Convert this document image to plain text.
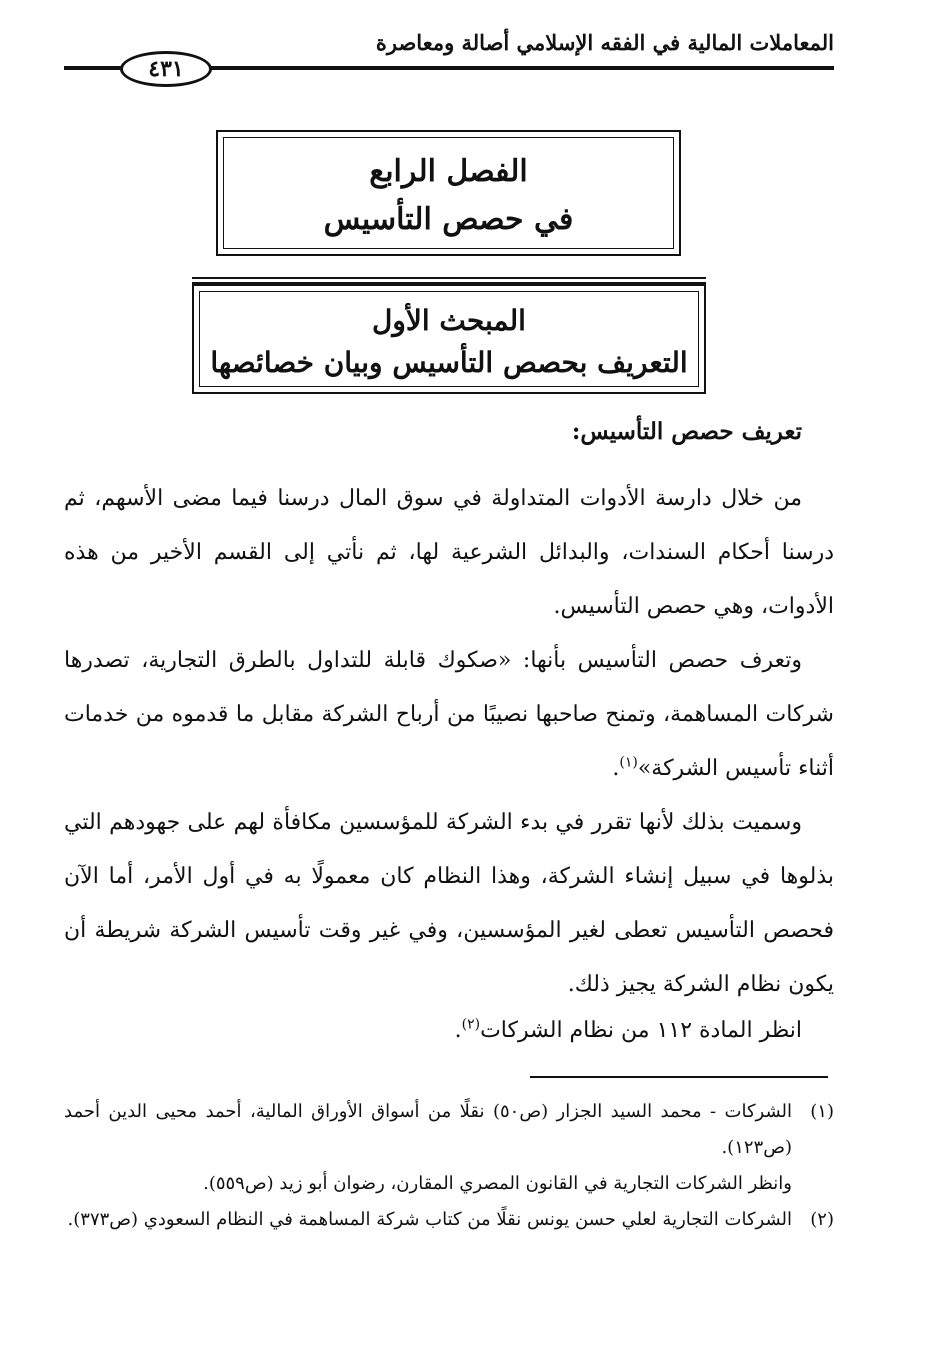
المعاملات المالية في الفقه الإسلامي أصالة ومعاصرة
٤٣١
الفصل الرابع
في حصص التأسيس
المبحث الأول
التعريف بحصص التأسيس وبيان خصائصها
تعريف حصص التأسيس:
من خلال دارسة الأدوات المتداولة في سوق المال درسنا فيما مضى الأسهم، ثم درسنا أحكام السندات، والبدائل الشرعية لها، ثم نأتي إلى القسم الأخير من هذه الأدوات، وهي حصص التأسيس.
وتعرف حصص التأسيس بأنها: «صكوك قابلة للتداول بالطرق التجارية، تصدرها شركات المساهمة، وتمنح صاحبها نصيبًا من أرباح الشركة مقابل ما قدموه من خدمات أثناء تأسيس الشركة»$^{(١)}$.
وسميت بذلك لأنها تقرر في بدء الشركة للمؤسسين مكافأة لهم على جهودهم التي بذلوها في سبيل إنشاء الشركة، وهذا النظام كان معمولًا به في أول الأمر، أما الآن فحصص التأسيس تعطى لغير المؤسسين، وفي غير وقت تأسيس الشركة شريطة أن يكون نظام الشركة يجيز ذلك.
انظر المادة ١١٢ من نظام الشركات$^{(٢)}$.
(١)
الشركات - محمد السيد الجزار (ص٥٠) نقلًا من أسواق الأوراق المالية، أحمد محيى الدين أحمد (ص١٢٣).
وانظر الشركات التجارية في القانون المصري المقارن، رضوان أبو زيد (ص٥٥٩).
(٢)
الشركات التجارية لعلي حسن يونس نقلًا من كتاب شركة المساهمة في النظام السعودي (ص٣٧٣).
